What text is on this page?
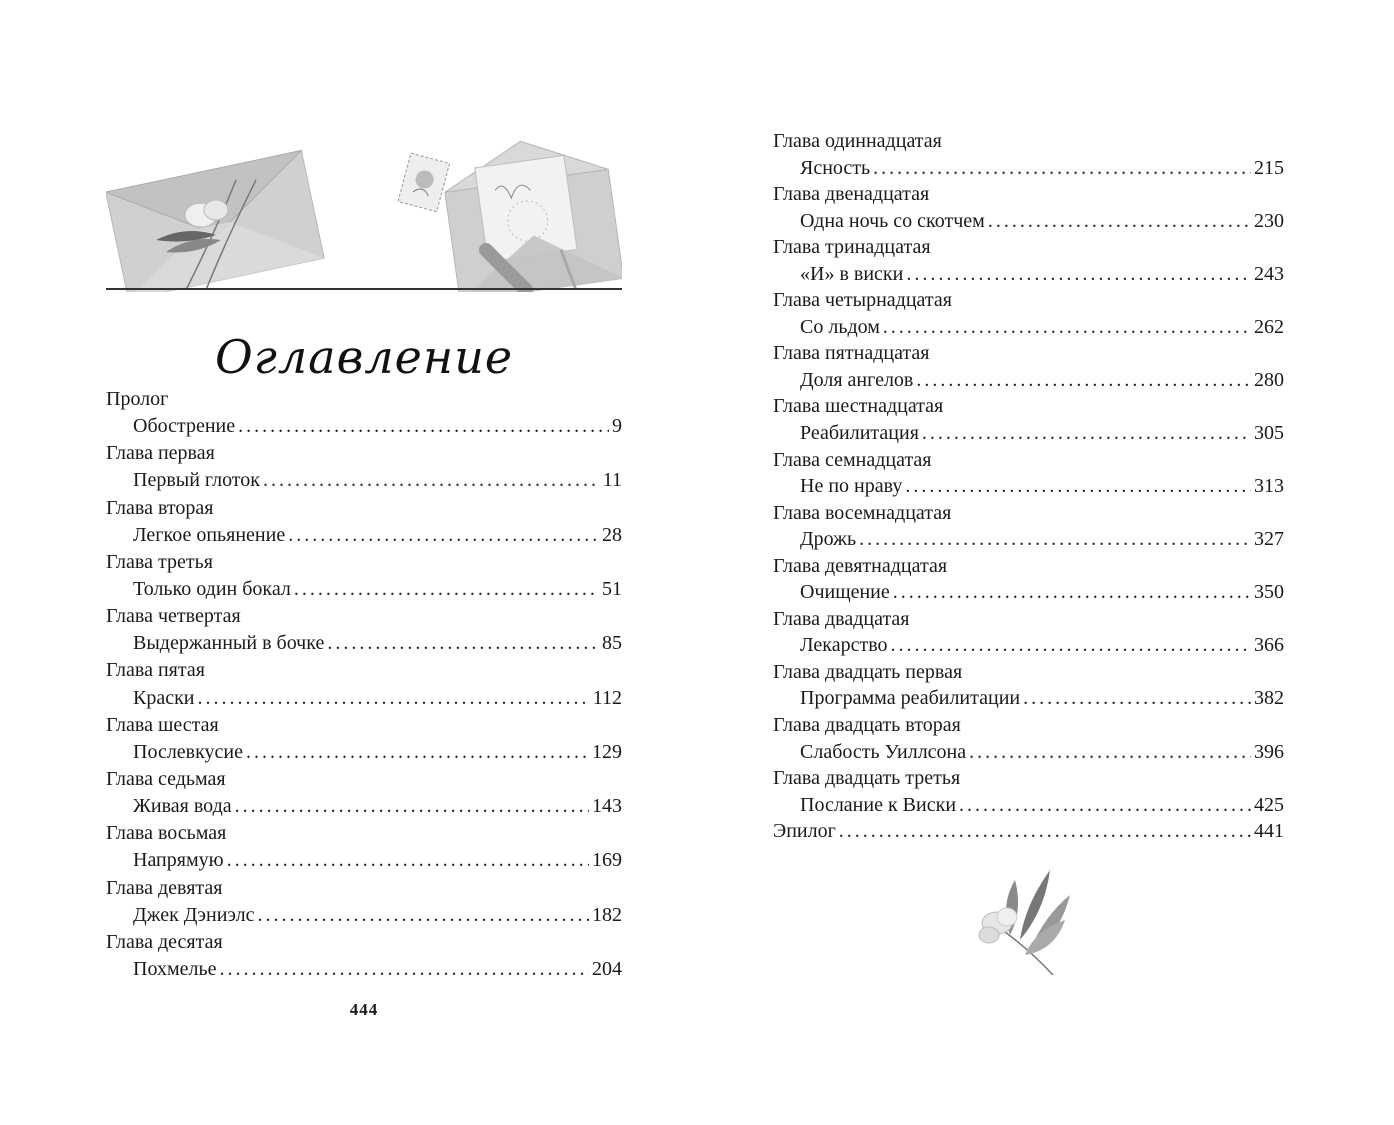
Оглавление
Пролог
Обострение . . .	9
Глава первая
Первый глоток . . .	11
Глава вторая
Легкое опьянение . . .	28
Глава третья
Только один бокал . . .	51
Глава четвертая
Выдержанный в бочке . . .	85
Глава пятая
Краски . . .	112
Глава шестая
Послевкусие . . .	129
Глава седьмая
Живая вода . . .	143
Глава восьмая
Напрямую . . .	169
Глава девятая
Джек Дэниэлс . . .	182
Глава десятая
Похмелье . . .	204
444
Глава одиннадцатая
Ясность . . .	215
Глава двенадцатая
Одна ночь со скотчем . . .	230
Глава тринадцатая
«И» в виски . . .	243
Глава четырнадцатая
Со льдом . . .	262
Глава пятнадцатая
Доля ангелов . . .	280
Глава шестнадцатая
Реабилитация . . .	305
Глава семнадцатая
Не по нраву . . .	313
Глава восемнадцатая
Дрожь . . .	327
Глава девятнадцатая
Очищение . . .	350
Глава двадцатая
Лекарство . . .	366
Глава двадцать первая
Программа реабилитации . . .	382
Глава двадцать вторая
Слабость Уиллсона . . .	396
Глава двадцать третья
Послание к Виски . . .	425
Эпилог . . .	441
